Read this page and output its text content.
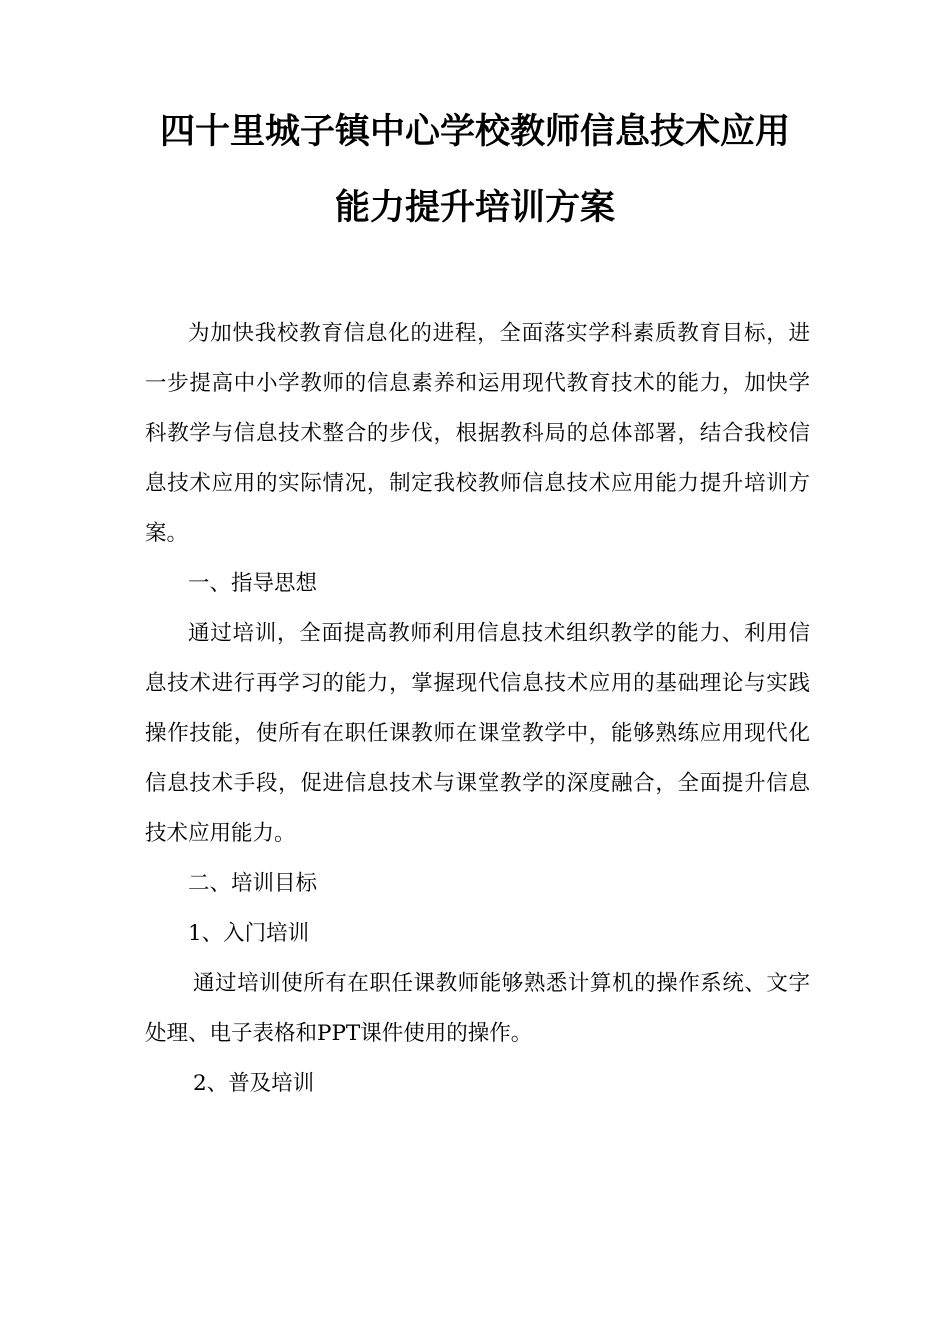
四十里城子镇中心学校教师信息技术应用
能力提升培训方案

为加快我校教育信息化的进程，全面落实学科素质教育目标，进一步提高中小学教师的信息素养和运用现代教育技术的能力，加快学科教学与信息技术整合的步伐，根据教科局的总体部署，结合我校信息技术应用的实际情况，制定我校教师信息技术应用能力提升培训方案。

一、指导思想

通过培训，全面提高教师利用信息技术组织教学的能力、利用信息技术进行再学习的能力，掌握现代信息技术应用的基础理论与实践操作技能，使所有在职任课教师在课堂教学中，能够熟练应用现代化信息技术手段，促进信息技术与课堂教学的深度融合，全面提升信息技术应用能力。

二、培训目标

1、入门培训

通过培训使所有在职任课教师能够熟悉计算机的操作系统、文字处理、电子表格和PPT课件使用的操作。

2、普及培训
